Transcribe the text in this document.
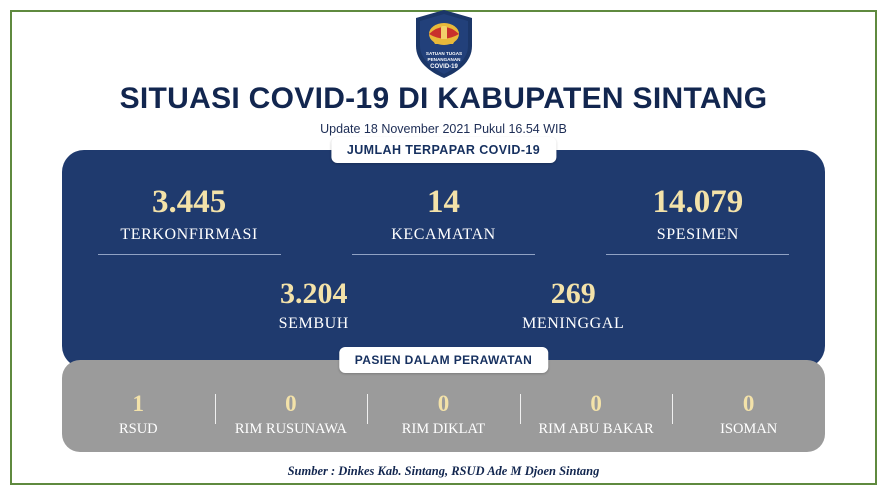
SATUAN TUGAS
PENANGANAN
COVID-19
SITUASI COVID-19 DI KABUPATEN SINTANG
Update 18 November 2021 Pukul 16.54 WIB
JUMLAH TERPAPAR COVID-19
3.445
TERKONFIRMASI
14
KECAMATAN
14.079
SPESIMEN
3.204
SEMBUH
269
MENINGGAL
PASIEN DALAM PERAWATAN
1
RSUD
0
RIM RUSUNAWA
0
RIM DIKLAT
0
RIM ABU BAKAR
0
ISOMAN
Sumber : Dinkes Kab. Sintang, RSUD Ade M Djoen Sintang
